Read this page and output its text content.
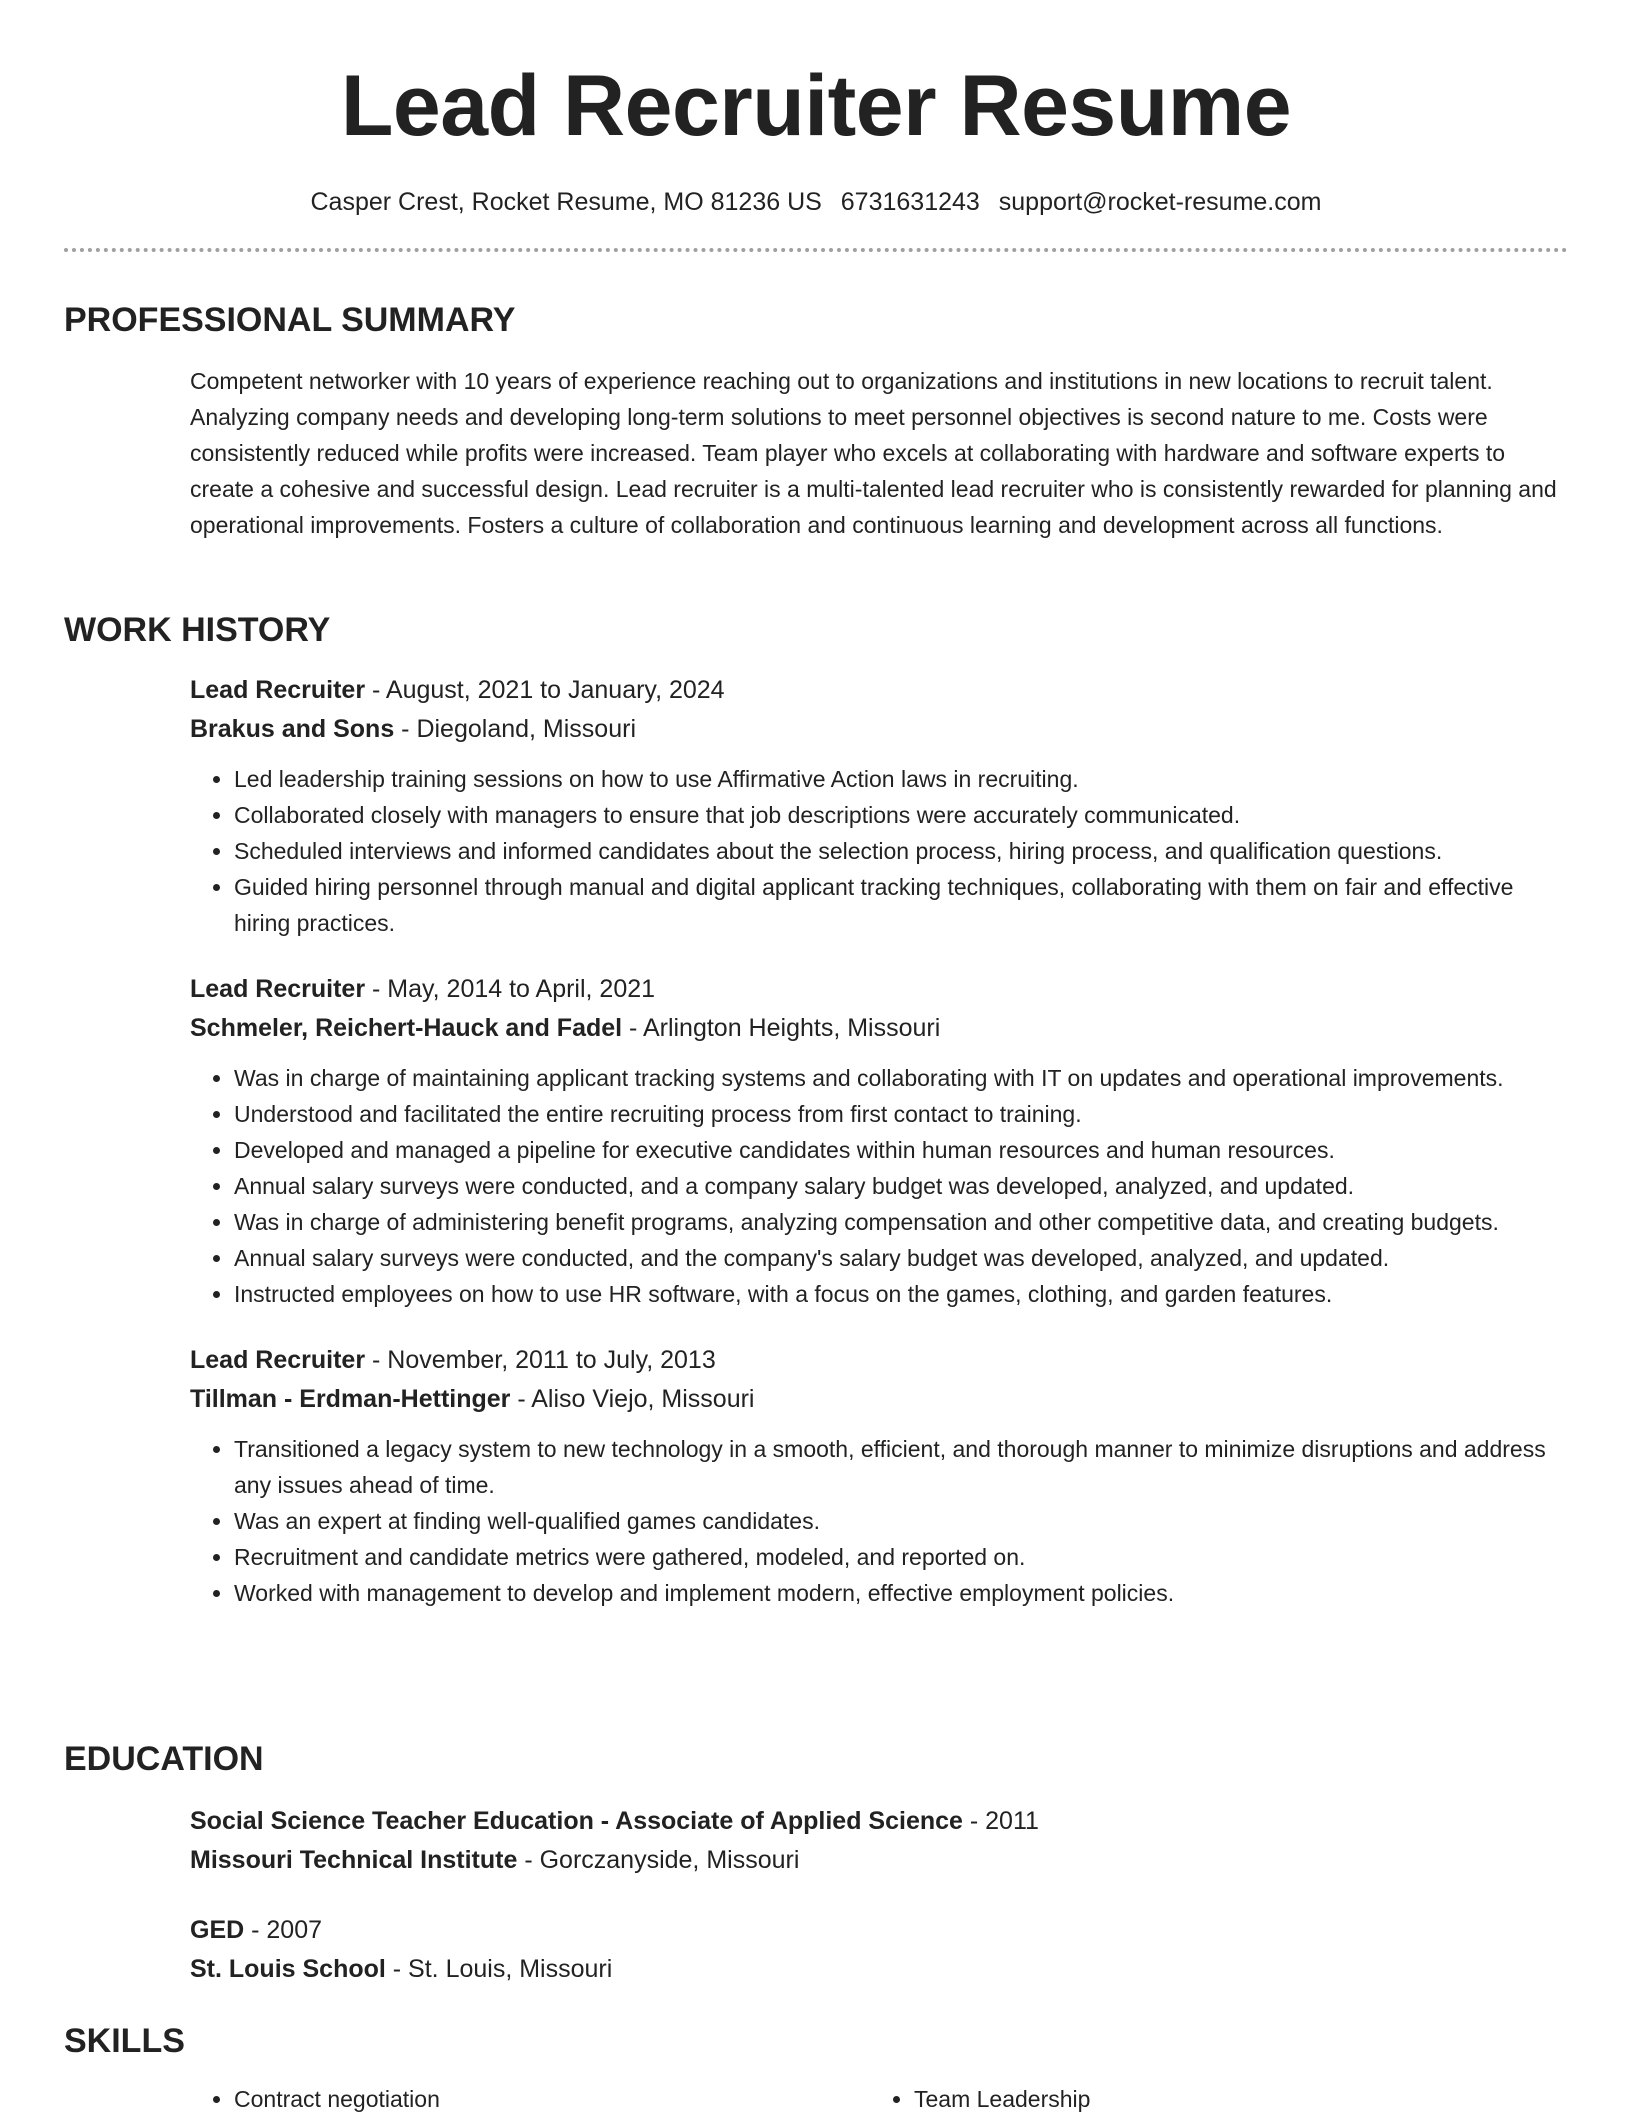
Lead Recruiter Resume
Casper Crest, Rocket Resume, MO 81236 US 6731631243 support@rocket-resume.com
PROFESSIONAL SUMMARY

Competent networker with 10 years of experience reaching out to organizations and institutions in new locations to recruit talent. Analyzing company needs and developing long-term solutions to meet personnel objectives is second nature to me. Costs were consistently reduced while profits were increased. Team player who excels at collaborating with hardware and software experts to create a cohesive and successful design. Lead recruiter is a multi-talented lead recruiter who is consistently rewarded for planning and operational improvements. Fosters a culture of collaboration and continuous learning and development across all functions.

WORK HISTORY

Lead Recruiter - August, 2021 to January, 2024

Brakus and Sons - Diegoland, Missouri

• Led leadership training sessions on how to use Affirmative Action laws in recruiting.
• Collaborated closely with managers to ensure that job descriptions were accurately communicated.
• Scheduled interviews and informed candidates about the selection process, hiring process, and qualification questions.
• Guided hiring personnel through manual and digital applicant tracking techniques, collaborating with them on fair and effective hiring practices.

Lead Recruiter - May, 2014 to April, 2021

Schmeler, Reichert-Hauck and Fadel - Arlington Heights, Missouri

• Was in charge of maintaining applicant tracking systems and collaborating with IT on updates and operational improvements.
• Understood and facilitated the entire recruiting process from first contact to training.
• Developed and managed a pipeline for executive candidates within human resources and human resources.
• Annual salary surveys were conducted, and a company salary budget was developed, analyzed, and updated.
• Was in charge of administering benefit programs, analyzing compensation and other competitive data, and creating budgets.
• Annual salary surveys were conducted, and the company's salary budget was developed, analyzed, and updated.
• Instructed employees on how to use HR software, with a focus on the games, clothing, and garden features.

Lead Recruiter - November, 2011 to July, 2013

Tillman - Erdman-Hettinger - Aliso Viejo, Missouri

• Transitioned a legacy system to new technology in a smooth, efficient, and thorough manner to minimize disruptions and address any issues ahead of time.
• Was an expert at finding well-qualified games candidates.
• Recruitment and candidate metrics were gathered, modeled, and reported on.
• Worked with management to develop and implement modern, effective employment policies.
EDUCATION

Social Science Teacher Education - Associate of Applied Science - 2011

Missouri Technical Institute - Gorczanyside, Missouri

GED - 2007

St. Louis School - St. Louis, Missouri

SKILLS
• Contract negotiation
•	Team Leadership
